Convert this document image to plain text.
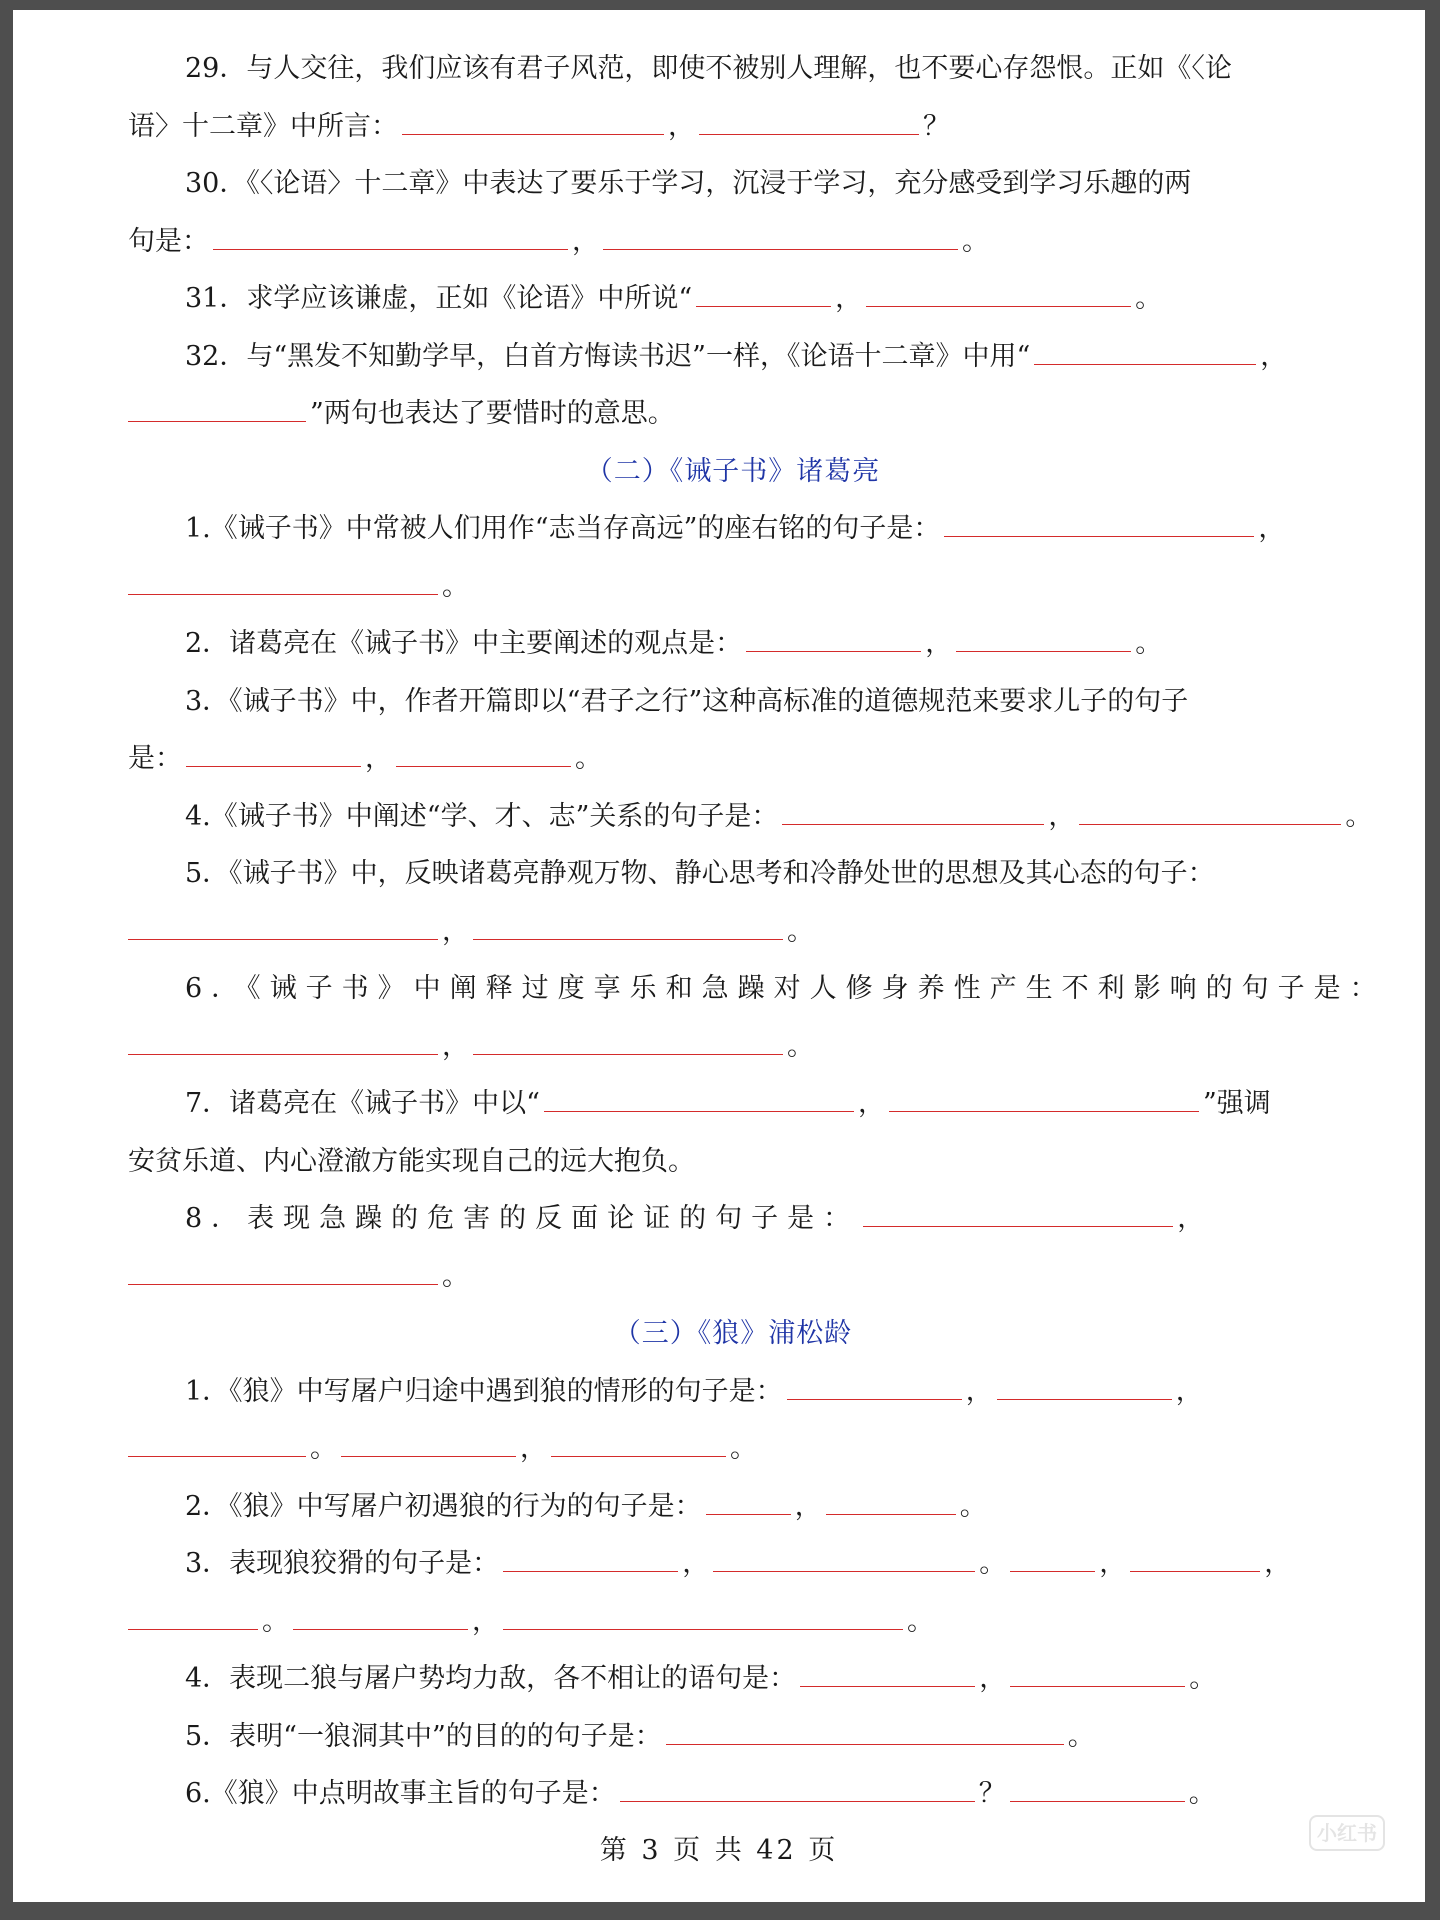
29．与人交往，我们应该有君子风范，即使不被别人理解，也不要心存怨恨。正如《〈论
语〉十二章》中所言：	，	？
30．《〈论语〉十二章》中表达了要乐于学习，沉浸于学习，充分感受到学习乐趣的两
句是：	，	。
31．求学应该谦虚，正如《论语》中所说“	，	。
32．与“黑发不知勤学早，白首方悔读书迟”一样，《论语十二章》中用“	，
”两句也表达了要惜时的意思。
（二）《诫子书》诸葛亮
1.《诫子书》中常被人们用作“志当存高远”的座右铭的句子是：	，
。
2．诸葛亮在《诫子书》中主要阐述的观点是：	，	。
3．《诫子书》中，作者开篇即以“君子之行”这种高标准的道德规范来要求儿子的句子
是：	，	。
4.《诫子书》中阐述“学、才、志”关系的句子是：	，	。
5．《诫子书》中，反映诸葛亮静观万物、静心思考和冷静处世的思想及其心态的句子：
，	。
6．《诫子书》中阐释过度享乐和急躁对人修身养性产生不利影响的句子是：
，	。
7．诸葛亮在《诫子书》中以“	，	”强调
安贫乐道、内心澄澈方能实现自己的远大抱负。
8．表现急躁的危害的反面论证的句子是：	，
。
（三）《狼》浦松龄
1．《狼》中写屠户归途中遇到狼的情形的句子是：	，	，
。	，	。
2．《狼》中写屠户初遇狼的行为的句子是：	，	。
3．表现狼狡猾的句子是：	，	。	，	，
。	，	。
4．表现二狼与屠户势均力敌，各不相让的语句是：	，	。
5．表明“一狼洞其中”的目的的句子是：	。
6.《狼》中点明故事主旨的句子是：	？	。
第 3 页 共 42 页
小红书
